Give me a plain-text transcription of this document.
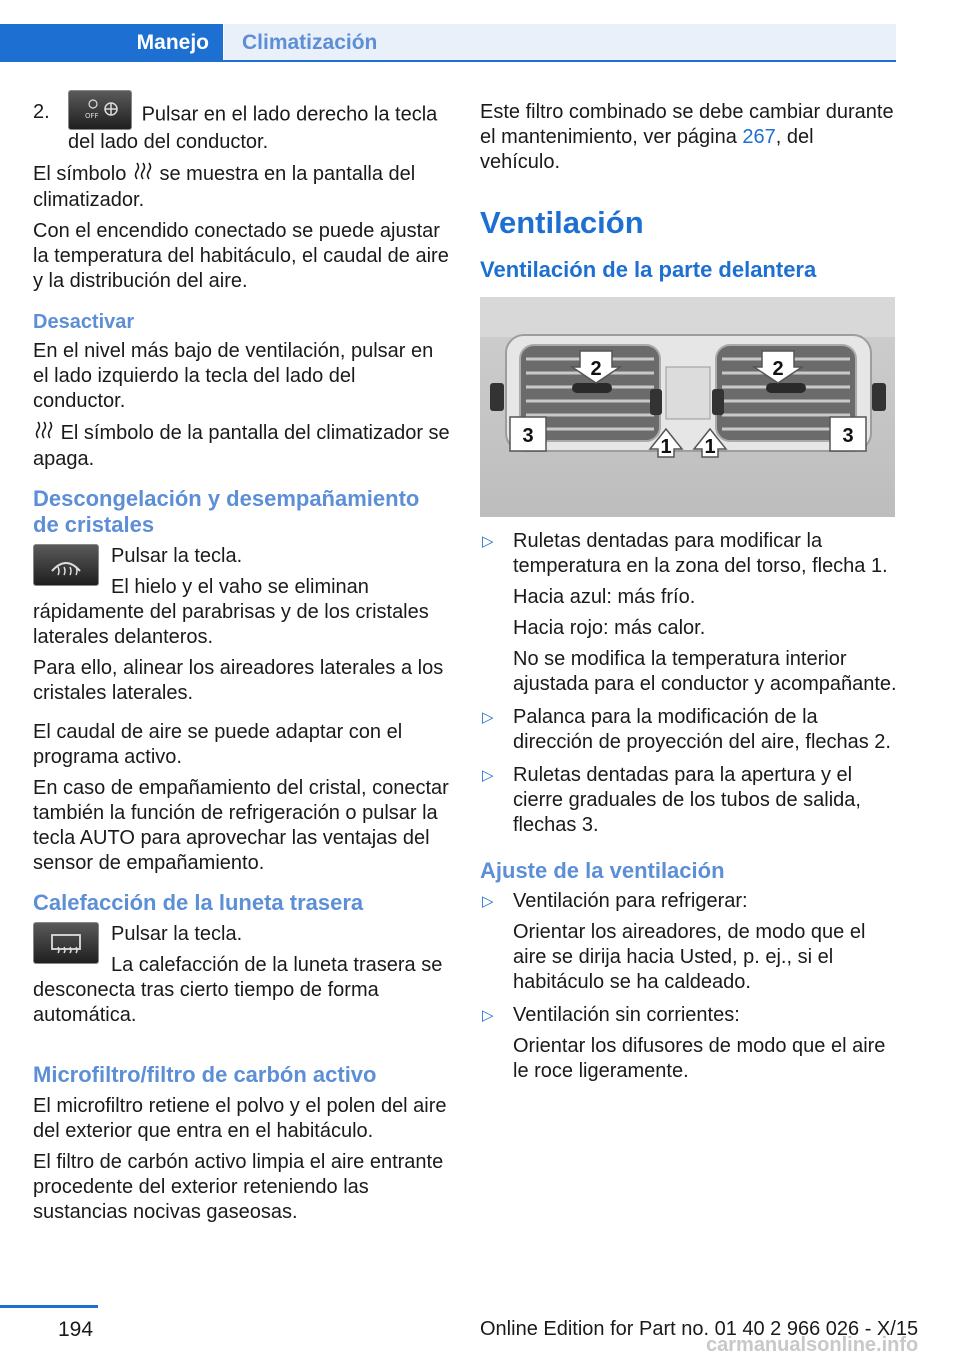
Manejo	Climatización
2.	OFF Pulsar en el lado derecho la tecla del lado del conductor.

El símbolo se muestra en la pantalla del climatizador.

Con el encendido conectado se puede ajustar la temperatura del habitáculo, el caudal de aire y la distribución del aire.

Desactivar

En el nivel más bajo de ventilación, pulsar en el lado izquierdo la tecla del lado del conductor.

El símbolo de la pantalla del climatizador se apaga.

Descongelación y desempañamiento de cristales

Pulsar la tecla.

El hielo y el vaho se eliminan rápidamente del parabrisas y de los cristales laterales delanteros.

Para ello, alinear los aireadores laterales a los cristales laterales.

El caudal de aire se puede adaptar con el programa activo.

En caso de empañamiento del cristal, conectar también la función de refrigeración o pulsar la tecla AUTO para aprovechar las ventajas del sensor de empañamiento.

Calefacción de la luneta trasera

Pulsar la tecla.

La calefacción de la luneta trasera se desconecta tras cierto tiempo de forma automática.

Microfiltro/filtro de carbón activo

El microfiltro retiene el polvo y el polen del aire del exterior que entra en el habitáculo.

El filtro de carbón activo limpia el aire entrante procedente del exterior reteniendo las sustancias nocivas gaseosas.

Este filtro combinado se debe cambiar durante el mantenimiento, ver página 267, del vehículo.

Ventilación
Ventilación de la parte delantera
2	2
3	1 1	3
▷ Ruletas dentadas para modificar la temperatura en la zona del torso, flecha 1.
Hacia azul: más frío.
Hacia rojo: más calor.
No se modifica la temperatura interior ajustada para el conductor y acompañante.
▷ Palanca para la modificación de la dirección de proyección del aire, flechas 2.
▷ Ruletas dentadas para la apertura y el cierre graduales de los tubos de salida, flechas 3.
Ajuste de la ventilación
▷ Ventilación para refrigerar:
Orientar los aireadores, de modo que el aire se dirija hacia Usted, p. ej., si el habitáculo se ha caldeado.
▷ Ventilación sin corrientes:
Orientar los difusores de modo que el aire le roce ligeramente.
194	Online Edition for Part no. 01 40 2 966 026 - X/15
carmanualsonline.info
